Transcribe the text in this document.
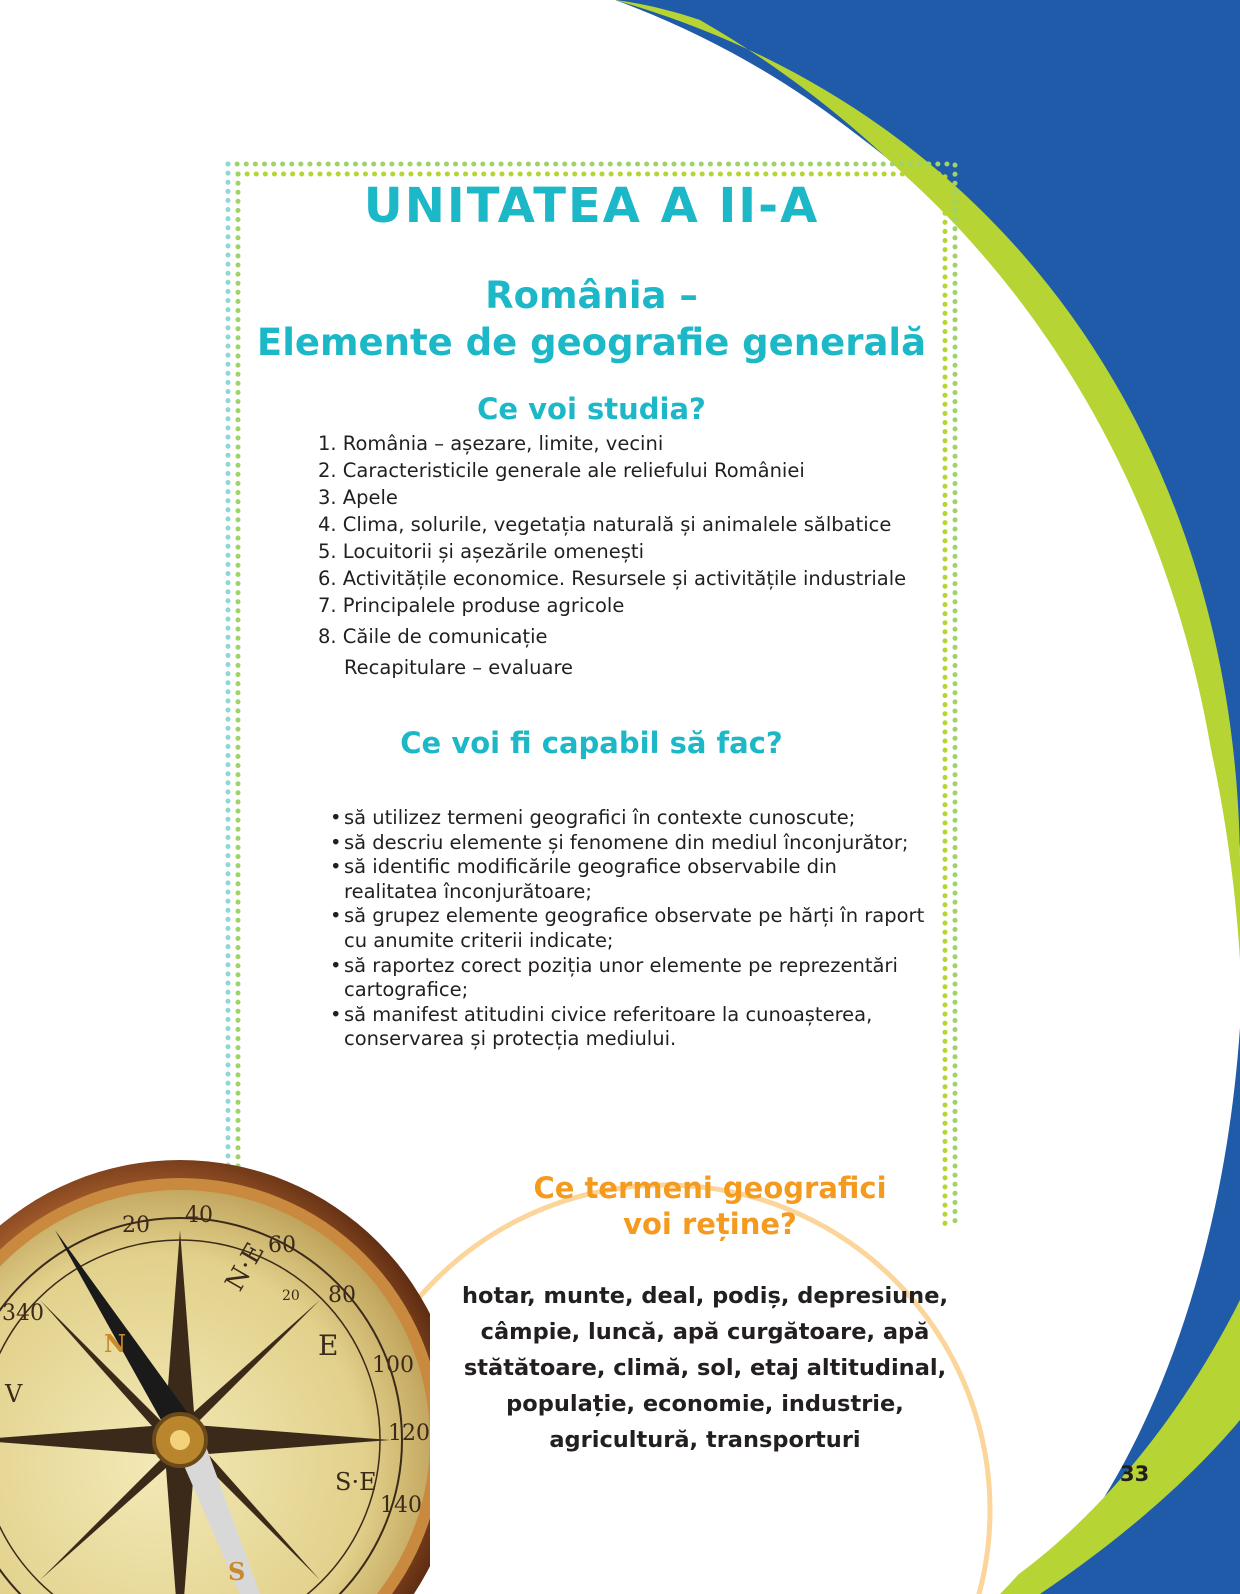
UNITATEA A II-A
România –
Elemente de geografie generală
Ce voi studia?
1. România – așezare, limite, vecini
2. Caracteristicile generale ale reliefului României
3. Apele
4. Clima, solurile, vegetația naturală și animalele sălbatice
5. Locuitorii și așezările omenești
6. Activitățile economice. Resursele și activitățile industriale
7. Principalele produse agricole
8. Căile de comunicație
Recapitulare – evaluare
Ce voi fi capabil să fac?
• să utilizez termeni geografici în contexte cunoscute;
• să descriu elemente și fenomene din mediul înconjurător;
• să identific modificările geografice observabile din realitatea înconjurătoare;
• să grupez elemente geografice observate pe hărți în raport cu anumite criterii indicate;
• să raportez corect poziția unor elemente pe reprezentări cartografice;
• să manifest atitudini civice referitoare la cunoașterea, conservarea și protecția mediului.
Ce termeni geografici
voi reține?
hotar, munte, deal, podiș, depresiune, câmpie, luncă, apă curgătoare, apă stătătoare, climă, sol, etaj altitudinal, populație, economie, industrie, agricultură, transporturi
20 40
60
80
100
120
140
340
20
N·E
E
S·E
V
N
S
33
